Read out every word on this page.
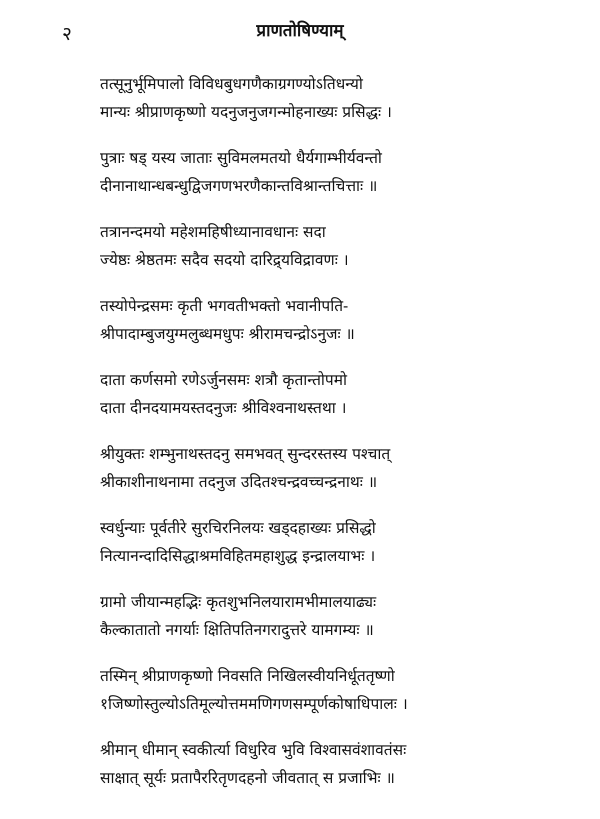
२	प्राणतोषिण्याम्
तत्सूनुर्भूमिपालो विविधबुधगणैकाग्रगण्योऽतिधन्यो
मान्यः श्रीप्राणकृष्णो यदनुजनुजगन्मोहनाख्यः प्रसिद्धः ।
पुत्राः षड् यस्य जाताः सुविमलमतयो धैर्यगाम्भीर्यवन्तो
दीनानाथान्धबन्धुद्विजगणभरणैकान्तविश्रान्तचित्ताः ॥
तत्रानन्दमयो महेशमहिषीध्यानावधानः सदा
ज्येष्ठः श्रेष्ठतमः सदैव सदयो दारिद्र्यविद्रावणः ।
तस्योपेन्द्रसमः कृती भगवतीभक्तो भवानीपति-
श्रीपादाम्बुजयुग्मलुब्धमधुपः श्रीरामचन्द्रोऽनुजः ॥
दाता कर्णसमो रणेऽर्जुनसमः शत्रौ कृतान्तोपमो
दाता दीनदयामयस्तदनुजः श्रीविश्वनाथस्तथा ।
श्रीयुक्तः शम्भुनाथस्तदनु समभवत् सुन्दरस्तस्य पश्चात्
श्रीकाशीनाथनामा तदनुज उदितश्चन्द्रवच्चन्द्रनाथः ॥
स्वर्धुन्याः पूर्वतीरे सुरचिरनिलयः खड्दहाख्यः प्रसिद्धो
नित्यानन्दादिसिद्धाश्रमविहितमहाशुद्ध इन्द्रालयाभः ।
ग्रामो जीयान्महद्भिः कृतशुभनिलयारामभीमालयाढ्यः
कैल्कातातो नगर्याः क्षितिपतिनगरादुत्तरे यामगम्यः ॥
तस्मिन् श्रीप्राणकृष्णो निवसति निखिलस्वीयनिर्धूततृष्णो
१जिष्णोस्तुल्योऽतिमूल्योत्तममणिगणसम्पूर्णकोषाधिपालः ।
श्रीमान् धीमान् स्वकीर्त्या विधुरिव भुवि विश्वासवंशावतंसः
साक्षात् सूर्यः प्रतापैररितृणदहनो जीवतात् स प्रजाभिः ॥
